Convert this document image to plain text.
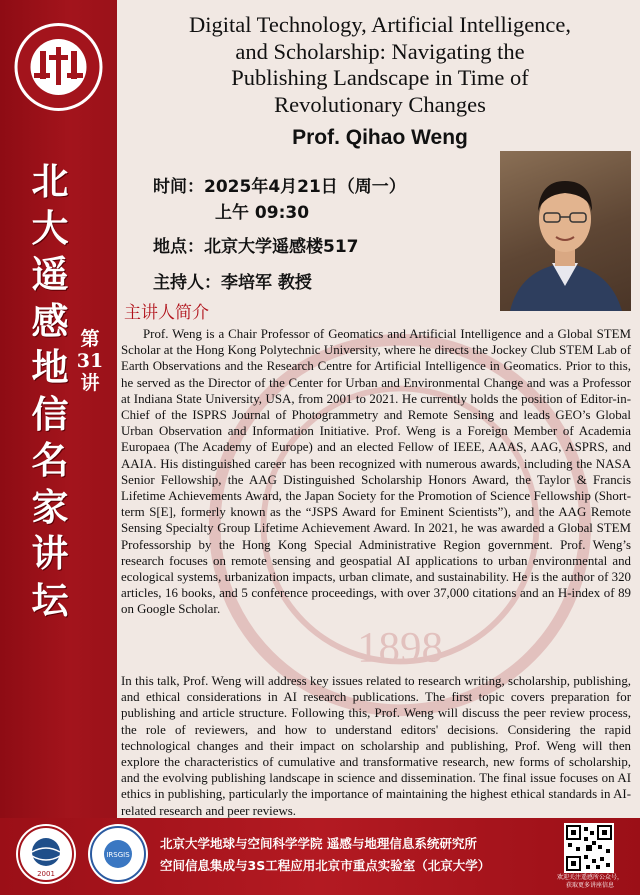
1898
北
大
遥
感
地
信
名
家
讲
坛
第
31
讲
Digital Technology, Artificial Intelligence,
and Scholarship: Navigating the
Publishing Landscape in Time of
Revolutionary Changes
Prof. Qihao Weng
时间：2025年4月21日（周一）
上午 09:30
地点：北京大学遥感楼517
主持人：李培军 教授
主讲人简介
Prof. Weng is a Chair Professor of Geomatics and Artificial Intelligence and a Global STEM Scholar at the Hong Kong Polytechnic University, where he directs the Jockey Club STEM Lab of Earth Observations and the Research Centre for Artificial Intelligence in Geomatics. Prior to this, he served as the Director of the Center for Urban and Environmental Change and was a Professor at Indiana State University, USA, from 2001 to 2021. He currently holds the position of Editor-in-Chief of the ISPRS Journal of Photogrammetry and Remote Sensing and leads GEO’s Global Urban Observation and Information Initiative. Prof. Weng is a Foreign Member of Academia Europaea (The Academy of Europe) and an elected Fellow of IEEE, AAAS, AAG, ASPRS, and AAIA. His distinguished career has been recognized with numerous awards, including the NASA Senior Fellowship, the AAG Distinguished Scholarship Honors Award, the Taylor & Francis Lifetime Achievements Award, the Japan Society for the Promotion of Science Fellowship (Short-term S[E], formerly known as the “JSPS Award for Eminent Scientists”), and the AAG Remote Sensing Specialty Group Lifetime Achievement Award. In 2021, he was awarded a Global STEM Professorship by the Hong Kong Special Administrative Region government. Prof. Weng’s research focuses on remote sensing and geospatial AI applications to urban environmental and ecological systems, urbanization impacts, urban climate, and sustainability. He is the author of 320 articles, 16 books, and 5 conference proceedings, with over 37,000 citations and an H-index of 89 on Google Scholar.
In this talk, Prof. Weng will address key issues related to research writing, scholarship, publishing, and ethical considerations in AI research publications. The first topic covers preparation for publishing and article structure. Following this, Prof. Weng will discuss the peer review process, the role of reviewers, and how to understand editors' decisions. Considering the rapid technological changes and their impact on scholarship and publishing, Prof. Weng will then explore the characteristics of cumulative and transformative research, new forms of scholarship, and the evolving publishing landscape in science and dissemination. The final issue focuses on AI ethics in publishing, particularly the importance of maintaining the highest ethical standards in AI-related research and peer reviews.
2001
IRSGIS
北京大学地球与空间科学学院 遥感与地理信息系统研究所
空间信息集成与3S工程应用北京市重点实验室（北京大学）
欢迎关注遥感所公众号，获取更多讲座信息
